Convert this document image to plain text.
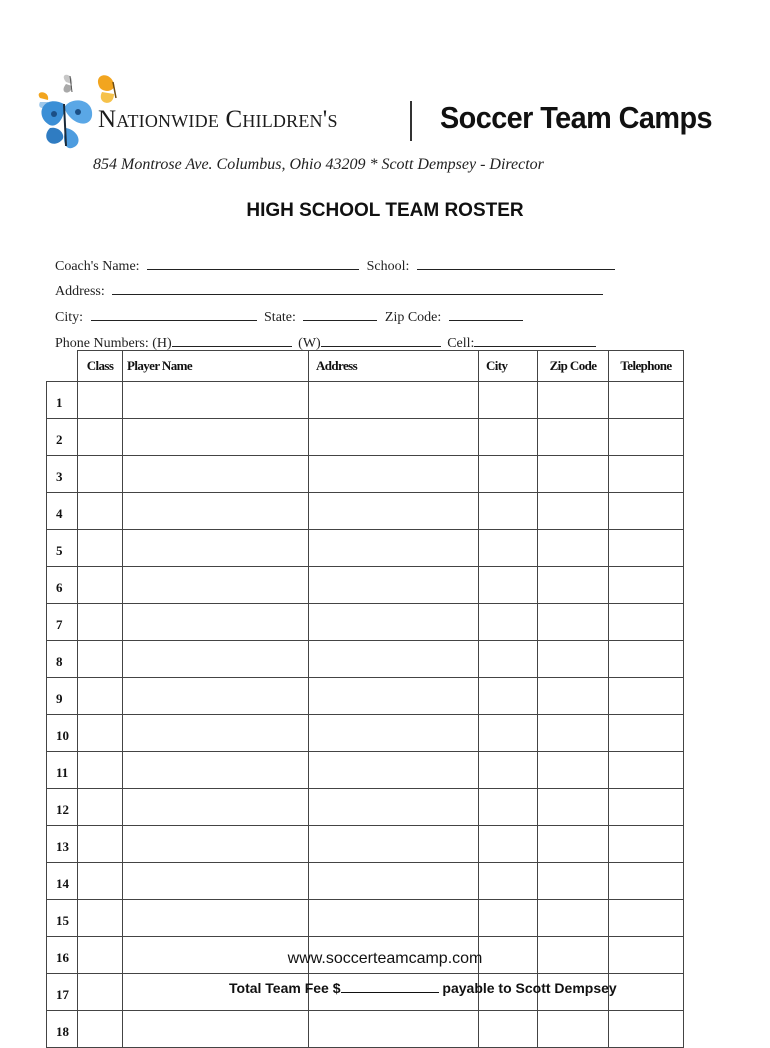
Nationwide Children's	Soccer Team Camps
854 Montrose Ave. Columbus, Ohio 43209 * Scott Dempsey - Director
HIGH SCHOOL TEAM ROSTER
Coach's Name:	School:
Address:
City:	State:	Zip Code:
Phone Numbers: (H)	(W)	Cell:
	Class	Player Name	Address	City	Zip Code	Telephone
1						
2						
3						
4						
5						
6						
7						
8						
9						
10						
11						
12						
13						
14						
15						
16						
17						
18						
www.soccerteamcamp.com
Total Team Fee $	payable to Scott Dempsey
